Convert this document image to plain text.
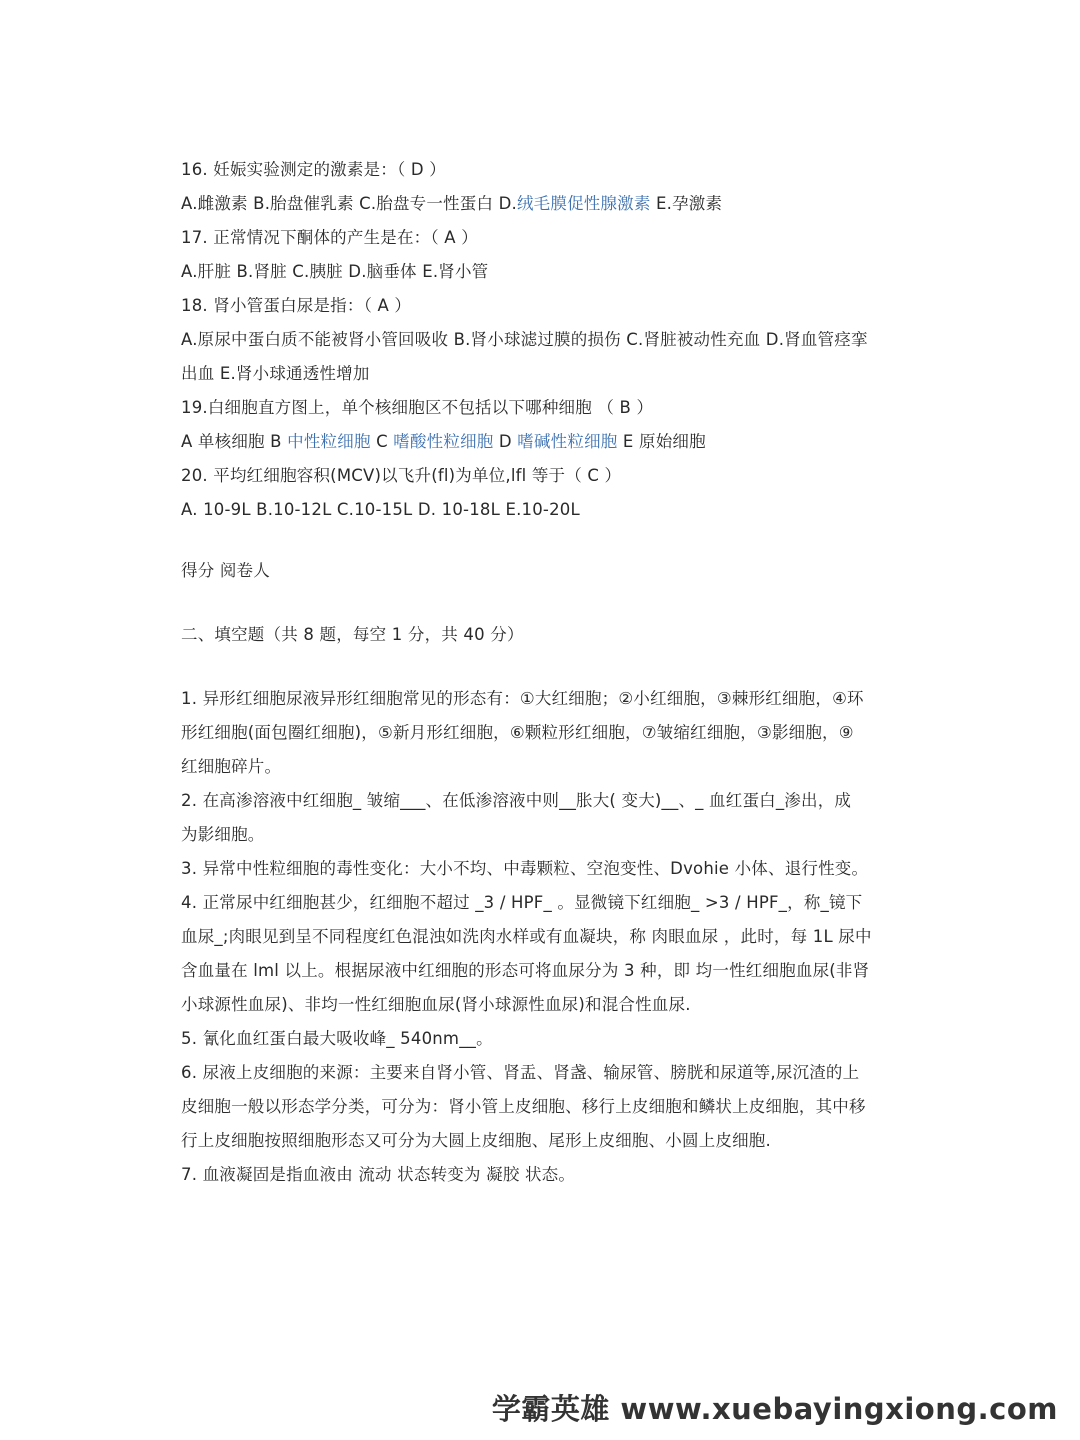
16. 妊娠实验测定的激素是：（ D ）
A.雌激素 B.胎盘催乳素 C.胎盘专一性蛋白 D.绒毛膜促性腺激素 E.孕激素
17. 正常情况下酮体的产生是在：（ A ）
A.肝脏 B.肾脏 C.胰脏 D.脑垂体 E.肾小管
18. 肾小管蛋白尿是指：（ A ）
A.原尿中蛋白质不能被肾小管回吸收 B.肾小球滤过膜的损伤 C.肾脏被动性充血 D.肾血管痉挛
出血 E.肾小球通透性增加
19.白细胞直方图上，单个核细胞区不包括以下哪种细胞 （ B ）
A 单核细胞 B 中性粒细胞 C 嗜酸性粒细胞 D 嗜碱性粒细胞 E 原始细胞
20. 平均红细胞容积(MCV)以飞升(fl)为单位,lfl 等于（ C ）
A. 10-9L B.10-12L C.10-15L D. 10-18L E.10-20L
得分 阅卷人
二、填空题（共 8 题，每空 1 分，共 40 分）
1. 异形红细胞尿液异形红细胞常见的形态有：①大红细胞；②小红细胞，③棘形红细胞，④环
形红细胞(面包圈红细胞)，⑤新月形红细胞，⑥颗粒形红细胞，⑦皱缩红细胞，③影细胞，⑨
红细胞碎片。
2. 在高渗溶液中红细胞_ 皱缩___、在低渗溶液中则__胀大( 变大)__、_ 血红蛋白_渗出，成
为影细胞。
3. 异常中性粒细胞的毒性变化：大小不均、中毒颗粒、空泡变性、Dvohie 小体、退行性变。
4. 正常尿中红细胞甚少，红细胞不超过 _3 / HPF_ 。显微镜下红细胞_ >3 / HPF_，称_镜下
血尿_;肉眼见到呈不同程度红色混浊如洗肉水样或有血凝块，称 肉眼血尿 ，此时，每 1L 尿中
含血量在 lml 以上。根据尿液中红细胞的形态可将血尿分为 3 种，即 均一性红细胞血尿(非肾
小球源性血尿)、非均一性红细胞血尿(肾小球源性血尿)和混合性血尿.
5. 氰化血红蛋白最大吸收峰_ 540nm__。
6. 尿液上皮细胞的来源：主要来自肾小管、肾盂、肾盏、输尿管、膀胱和尿道等,尿沉渣的上
皮细胞一般以形态学分类，可分为：肾小管上皮细胞、移行上皮细胞和鳞状上皮细胞，其中移
行上皮细胞按照细胞形态又可分为大圆上皮细胞、尾形上皮细胞、小圆上皮细胞.
7. 血液凝固是指血液由 流动 状态转变为 凝胶 状态。
学霸英雄 www.xuebayingxiong.com
